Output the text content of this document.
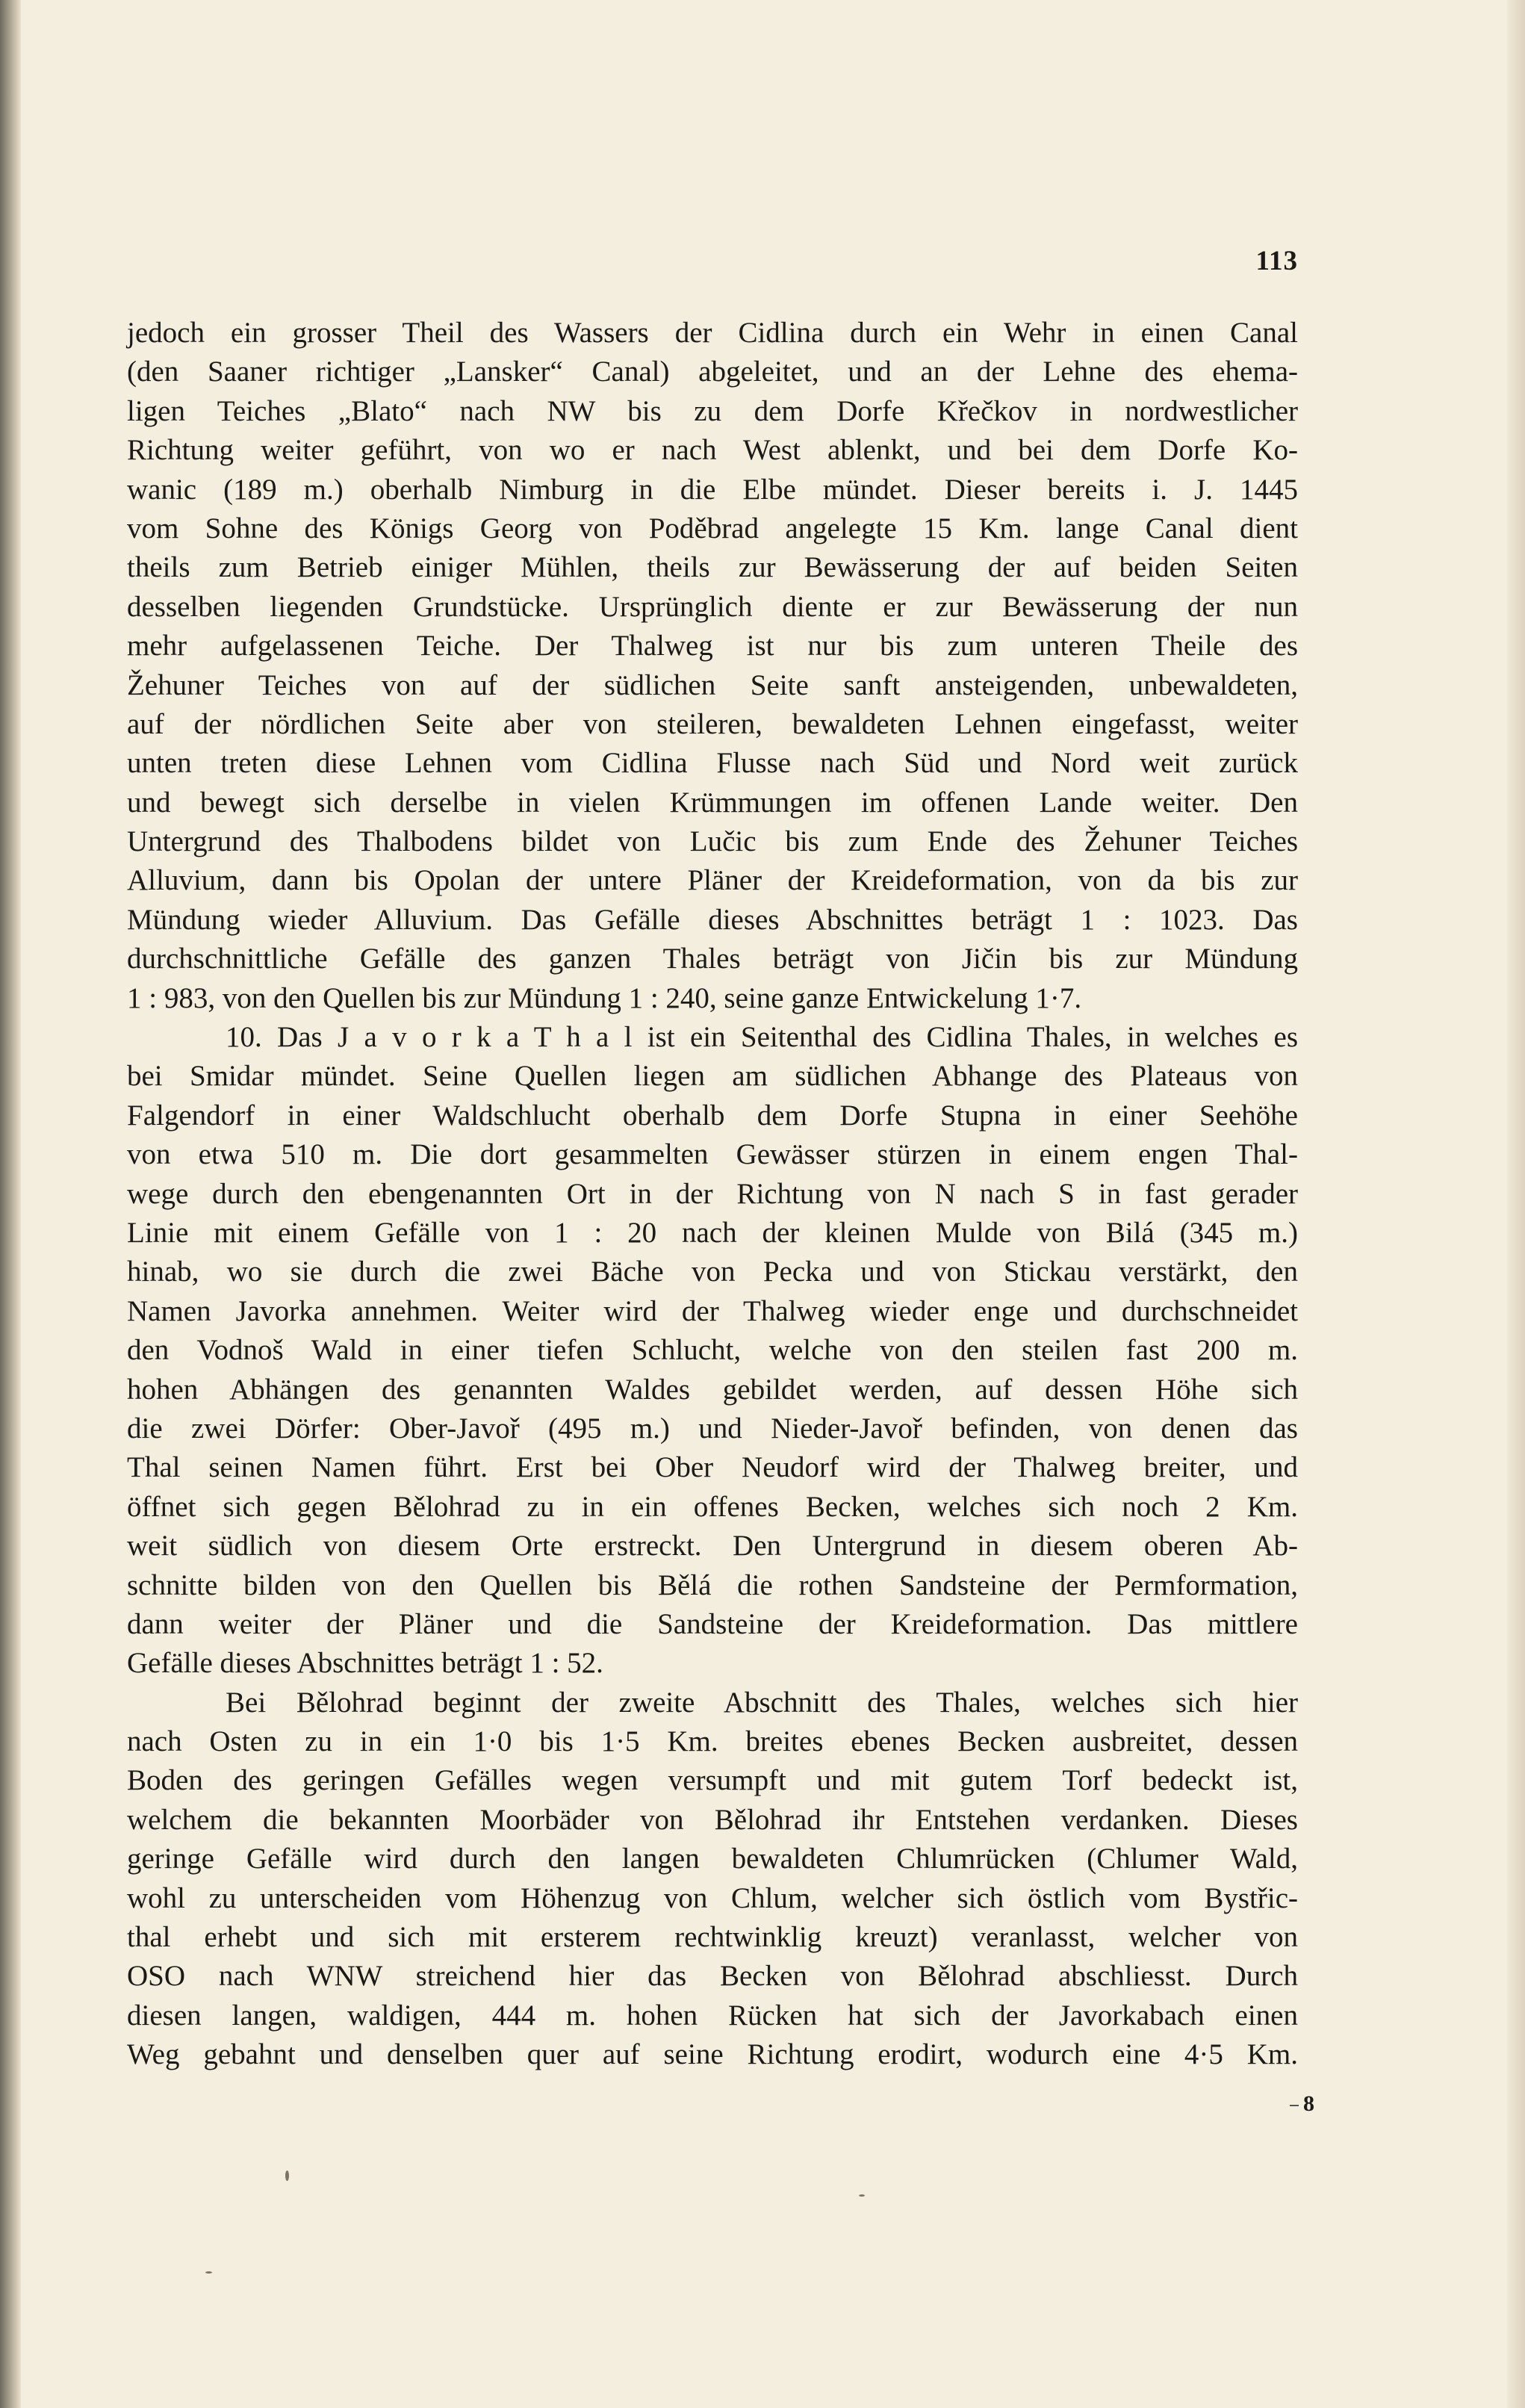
113
jedoch ein grosser Theil des Wassers der Cidlina durch ein Wehr in einen Canal
(den Saaner richtiger „Lansker“ Canal) abgeleitet, und an der Lehne des ehema-
ligen Teiches „Blato“ nach NW bis zu dem Dorfe Křečkov in nordwestlicher
Richtung weiter geführt, von wo er nach West ablenkt, und bei dem Dorfe Ko-
wanic (189 m.) oberhalb Nimburg in die Elbe mündet. Dieser bereits i. J. 1445
vom Sohne des Königs Georg von Poděbrad angelegte 15 Km. lange Canal dient
theils zum Betrieb einiger Mühlen, theils zur Bewässerung der auf beiden Seiten
desselben liegenden Grundstücke. Ursprünglich diente er zur Bewässerung der nun
mehr aufgelassenen Teiche. Der Thalweg ist nur bis zum unteren Theile des
Žehuner Teiches von auf der südlichen Seite sanft ansteigenden, unbewaldeten,
auf der nördlichen Seite aber von steileren, bewaldeten Lehnen eingefasst, weiter
unten treten diese Lehnen vom Cidlina Flusse nach Süd und Nord weit zurück
und bewegt sich derselbe in vielen Krümmungen im offenen Lande weiter. Den
Untergrund des Thalbodens bildet von Lučic bis zum Ende des Žehuner Teiches
Alluvium, dann bis Opolan der untere Pläner der Kreideformation, von da bis zur
Mündung wieder Alluvium. Das Gefälle dieses Abschnittes beträgt 1 : 1023. Das
durchschnittliche Gefälle des ganzen Thales beträgt von Jičin bis zur Mündung
1 : 983, von den Quellen bis zur Mündung 1 : 240, seine ganze Entwickelung 1·7.
10. Das J a v o r k a T h a l ist ein Seitenthal des Cidlina Thales, in welches es
bei Smidar mündet. Seine Quellen liegen am südlichen Abhange des Plateaus von
Falgendorf in einer Waldschlucht oberhalb dem Dorfe Stupna in einer Seehöhe
von etwa 510 m. Die dort gesammelten Gewässer stürzen in einem engen Thal-
wege durch den ebengenannten Ort in der Richtung von N nach S in fast gerader
Linie mit einem Gefälle von 1 : 20 nach der kleinen Mulde von Bilá (345 m.)
hinab, wo sie durch die zwei Bäche von Pecka und von Stickau verstärkt, den
Namen Javorka annehmen. Weiter wird der Thalweg wieder enge und durchschneidet
den Vodnoš Wald in einer tiefen Schlucht, welche von den steilen fast 200 m.
hohen Abhängen des genannten Waldes gebildet werden, auf dessen Höhe sich
die zwei Dörfer: Ober-Javoř (495 m.) und Nieder-Javoř befinden, von denen das
Thal seinen Namen führt. Erst bei Ober Neudorf wird der Thalweg breiter, und
öffnet sich gegen Bělohrad zu in ein offenes Becken, welches sich noch 2 Km.
weit südlich von diesem Orte erstreckt. Den Untergrund in diesem oberen Ab-
schnitte bilden von den Quellen bis Bělá die rothen Sandsteine der Permformation,
dann weiter der Pläner und die Sandsteine der Kreideformation. Das mittlere
Gefälle dieses Abschnittes beträgt 1 : 52.
Bei Bělohrad beginnt der zweite Abschnitt des Thales, welches sich hier
nach Osten zu in ein 1·0 bis 1·5 Km. breites ebenes Becken ausbreitet, dessen
Boden des geringen Gefälles wegen versumpft und mit gutem Torf bedeckt ist,
welchem die bekannten Moorbäder von Bělohrad ihr Entstehen verdanken. Dieses
geringe Gefälle wird durch den langen bewaldeten Chlumrücken (Chlumer Wald,
wohl zu unterscheiden vom Höhenzug von Chlum, welcher sich östlich vom Bystřic-
thal erhebt und sich mit ersterem rechtwinklig kreuzt) veranlasst, welcher von
OSO nach WNW streichend hier das Becken von Bělohrad abschliesst. Durch
diesen langen, waldigen, 444 m. hohen Rücken hat sich der Javorkabach einen
Weg gebahnt und denselben quer auf seine Richtung erodirt, wodurch eine 4·5 Km.
8
